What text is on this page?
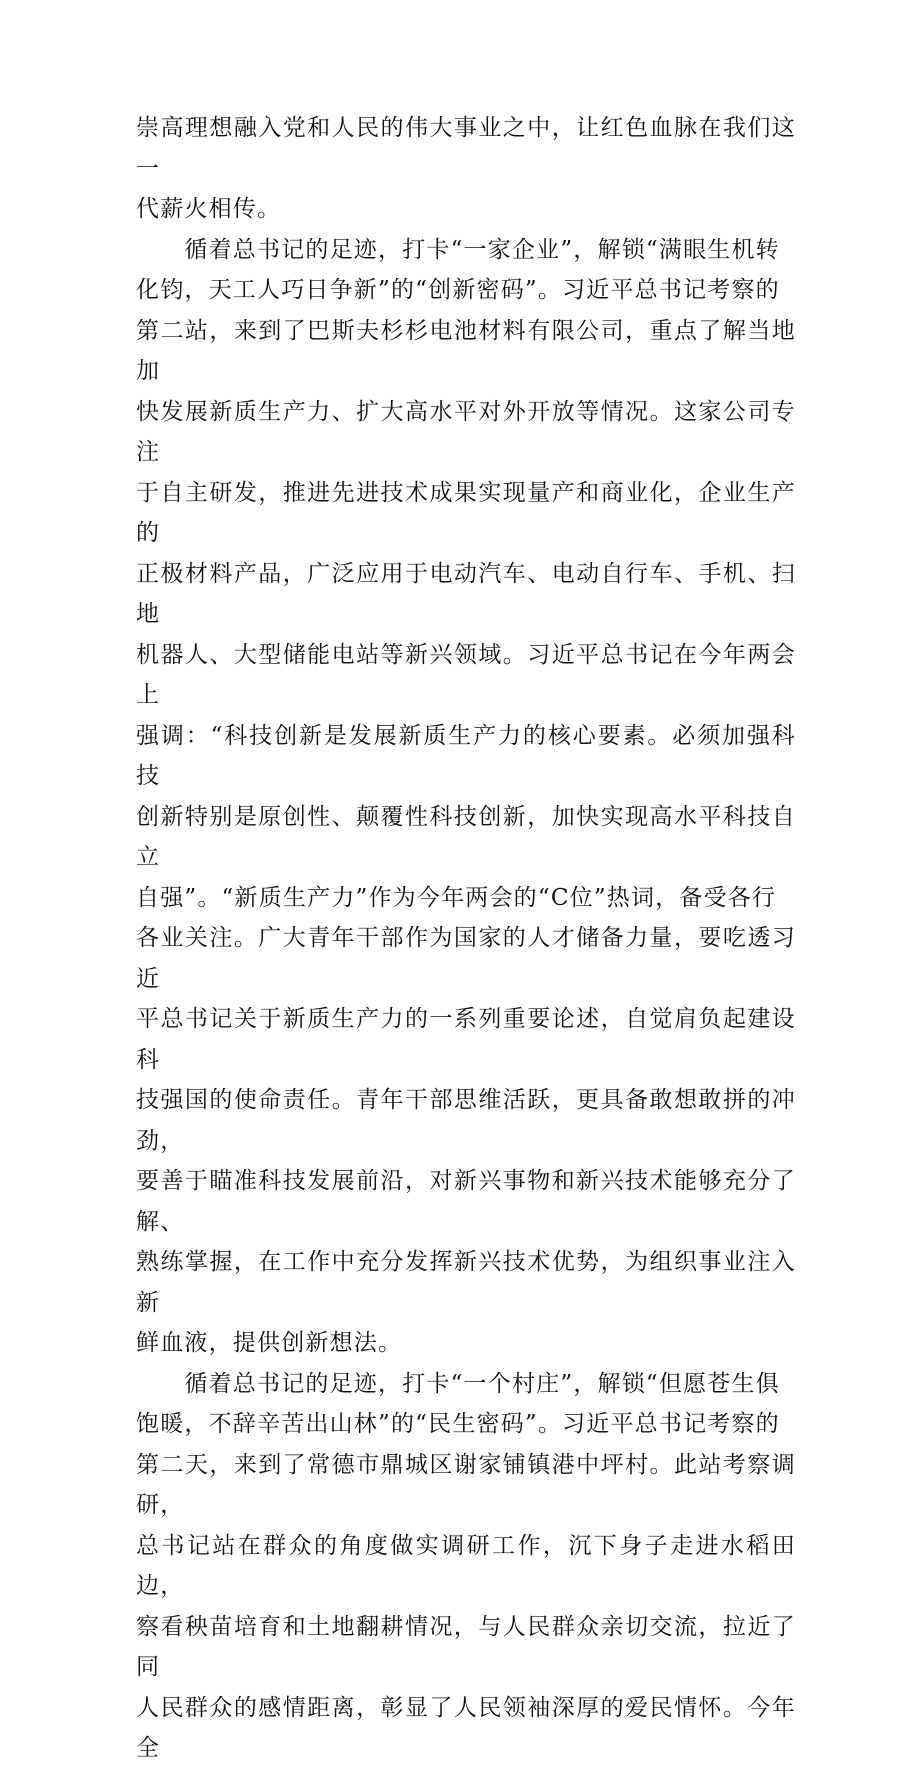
崇高理想融入党和人民的伟大事业之中，让红色血脉在我们这一
代薪火相传。

　　循着总书记的足迹，打卡“一家企业”，解锁“满眼生机转
化钧，天工人巧日争新”的“创新密码”。习近平总书记考察的
第二站，来到了巴斯夫杉杉电池材料有限公司，重点了解当地加
快发展新质生产力、扩大高水平对外开放等情况。这家公司专注
于自主研发，推进先进技术成果实现量产和商业化，企业生产的
正极材料产品，广泛应用于电动汽车、电动自行车、手机、扫地
机器人、大型储能电站等新兴领域。习近平总书记在今年两会上
强调：“科技创新是发展新质生产力的核心要素。必须加强科技
创新特别是原创性、颠覆性科技创新，加快实现高水平科技自立
自强”。“新质生产力”作为今年两会的“C位”热词，备受各行
各业关注。广大青年干部作为国家的人才储备力量，要吃透习近
平总书记关于新质生产力的一系列重要论述，自觉肩负起建设科
技强国的使命责任。青年干部思维活跃，更具备敢想敢拼的冲劲，
要善于瞄准科技发展前沿，对新兴事物和新兴技术能够充分了解、
熟练掌握，在工作中充分发挥新兴技术优势，为组织事业注入新
鲜血液，提供创新想法。

　　循着总书记的足迹，打卡“一个村庄”，解锁“但愿苍生俱
饱暖，不辞辛苦出山林”的“民生密码”。习近平总书记考察的
第二天，来到了常德市鼎城区谢家铺镇港中坪村。此站考察调研，
总书记站在群众的角度做实调研工作，沉下身子走进水稻田边，
察看秧苗培育和土地翻耕情况，与人民群众亲切交流，拉近了同
人民群众的感情距离，彰显了人民领袖深厚的爱民情怀。今年全
